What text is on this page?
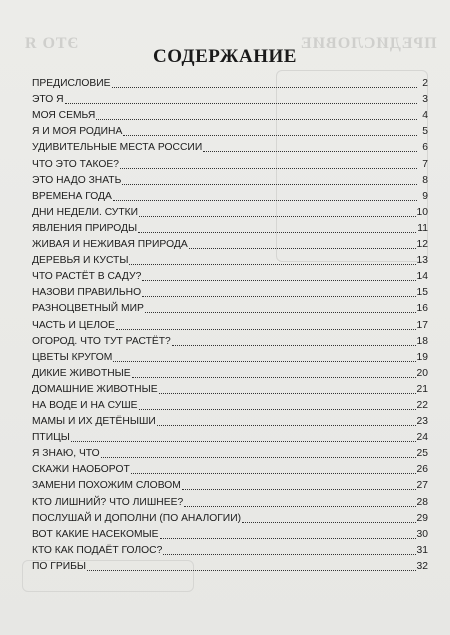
ПРЕДИСЛОВИЕ
ЭТО Я
СОДЕРЖАНИЕ
ПРЕДИСЛОВИЕ	2
ЭТО Я	3
МОЯ СЕМЬЯ	4
Я И МОЯ РОДИНА	5
УДИВИТЕЛЬНЫЕ МЕСТА РОССИИ	6
ЧТО ЭТО ТАКОЕ?	7
ЭТО НАДО ЗНАТЬ	8
ВРЕМЕНА ГОДА	9
ДНИ НЕДЕЛИ. СУТКИ	10
ЯВЛЕНИЯ ПРИРОДЫ	11
ЖИВАЯ И НЕЖИВАЯ ПРИРОДА	12
ДЕРЕВЬЯ И КУСТЫ	13
ЧТО РАСТЁТ В САДУ?	14
НАЗОВИ ПРАВИЛЬНО	15
РАЗНОЦВЕТНЫЙ МИР	16
ЧАСТЬ И ЦЕЛОЕ	17
ОГОРОД. ЧТО ТУТ РАСТЁТ?	18
ЦВЕТЫ КРУГОМ	19
ДИКИЕ ЖИВОТНЫЕ	20
ДОМАШНИЕ ЖИВОТНЫЕ	21
НА ВОДЕ И НА СУШЕ	22
МАМЫ И ИХ ДЕТЁНЫШИ	23
ПТИЦЫ	24
Я ЗНАЮ, ЧТО	25
СКАЖИ НАОБОРОТ	26
ЗАМЕНИ ПОХОЖИМ СЛОВОМ	27
КТО ЛИШНИЙ? ЧТО ЛИШНЕЕ?	28
ПОСЛУШАЙ И ДОПОЛНИ (ПО АНАЛОГИИ)	29
ВОТ КАКИЕ НАСЕКОМЫЕ	30
КТО КАК ПОДАЁТ ГОЛОС?	31
ПО ГРИБЫ	32
